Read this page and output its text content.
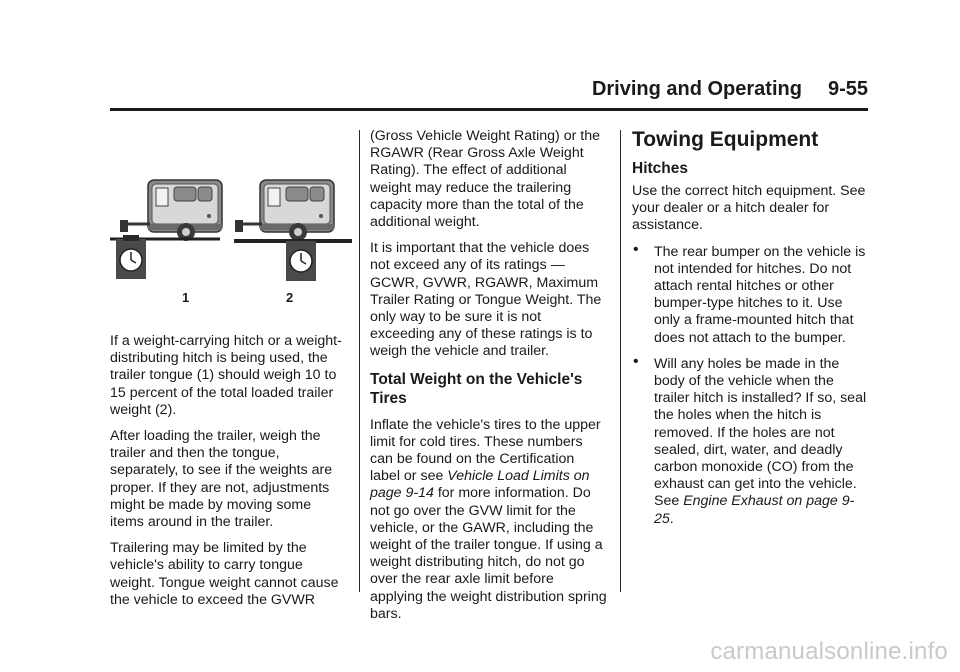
Driving and Operating 9-55
1	2

If a weight-carrying hitch or a weight-distributing hitch is being used, the trailer tongue (1) should weigh 10 to 15 percent of the total loaded trailer weight (2).

After loading the trailer, weigh the trailer and then the tongue, separately, to see if the weights are proper. If they are not, adjustments might be made by moving some items around in the trailer.

Trailering may be limited by the vehicle's ability to carry tongue weight. Tongue weight cannot cause the vehicle to exceed the GVWR

(Gross Vehicle Weight Rating) or the RGAWR (Rear Gross Axle Weight Rating). The effect of additional weight may reduce the trailering capacity more than the total of the additional weight.

It is important that the vehicle does not exceed any of its ratings — GCWR, GVWR, RGAWR, Maximum Trailer Rating or Tongue Weight. The only way to be sure it is not exceeding any of these ratings is to weigh the vehicle and trailer.

Total Weight on the Vehicle's Tires

Inflate the vehicle's tires to the upper limit for cold tires. These numbers can be found on the Certification label or see Vehicle Load Limits on page 9-14 for more information. Do not go over the GVW limit for the vehicle, or the GAWR, including the weight of the trailer tongue. If using a weight distributing hitch, do not go over the rear axle limit before applying the weight distribution spring bars.

Towing Equipment
Hitches

Use the correct hitch equipment. See your dealer or a hitch dealer for assistance.

• The rear bumper on the vehicle is not intended for hitches. Do not attach rental hitches or other bumper-type hitches to it. Use only a frame-mounted hitch that does not attach to the bumper.
• Will any holes be made in the body of the vehicle when the trailer hitch is installed? If so, seal the holes when the hitch is removed. If the holes are not sealed, dirt, water, and deadly carbon monoxide (CO) from the exhaust can get into the vehicle. See Engine Exhaust on page 9-25.
carmanualsonline.info
